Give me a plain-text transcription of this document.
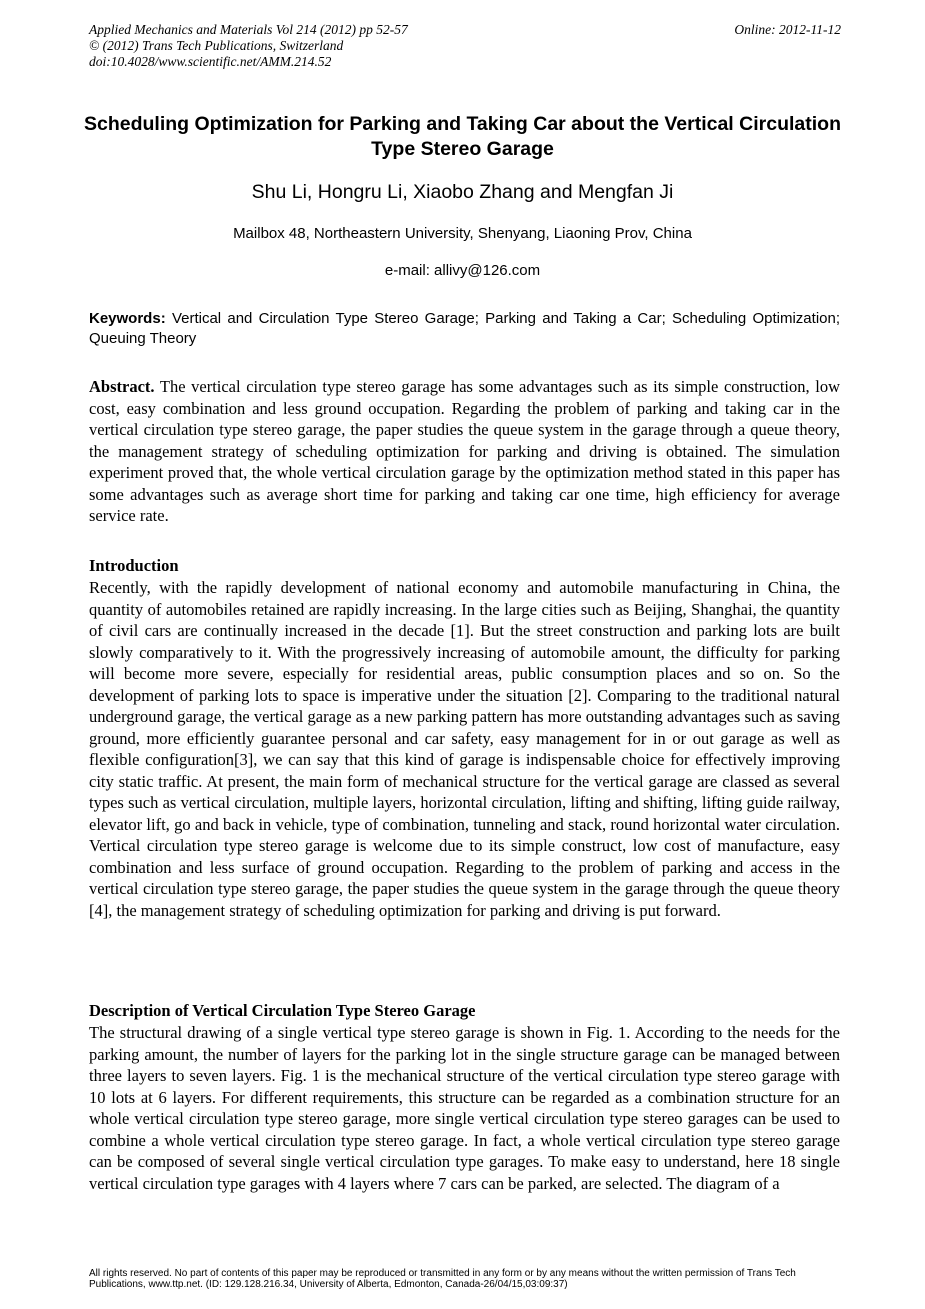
Applied Mechanics and Materials Vol 214 (2012) pp 52-57	Online: 2012-11-12
© (2012) Trans Tech Publications, Switzerland
doi:10.4028/www.scientific.net/AMM.214.52
Scheduling Optimization for Parking and Taking Car about the Vertical Circulation Type Stereo Garage
Shu Li, Hongru Li, Xiaobo Zhang and Mengfan Ji
Mailbox 48, Northeastern University, Shenyang, Liaoning Prov, China
e-mail: allivy@126.com
Keywords: Vertical and Circulation Type Stereo Garage; Parking and Taking a Car; Scheduling Optimization; Queuing Theory
Abstract. The vertical circulation type stereo garage has some advantages such as its simple construction, low cost, easy combination and less ground occupation. Regarding the problem of parking and taking car in the vertical circulation type stereo garage, the paper studies the queue system in the garage through a queue theory, the management strategy of scheduling optimization for parking and driving is obtained. The simulation experiment proved that, the whole vertical circulation garage by the optimization method stated in this paper has some advantages such as average short time for parking and taking car one time, high efficiency for average service rate.
Introduction
Recently, with the rapidly development of national economy and automobile manufacturing in China, the quantity of automobiles retained are rapidly increasing. In the large cities such as Beijing, Shanghai, the quantity of civil cars are continually increased in the decade [1]. But the street construction and parking lots are built slowly comparatively to it. With the progressively increasing of automobile amount, the difficulty for parking will become more severe, especially for residential areas, public consumption places and so on. So the development of parking lots to space is imperative under the situation [2]. Comparing to the traditional natural underground garage, the vertical garage as a new parking pattern has more outstanding advantages such as saving ground, more efficiently guarantee personal and car safety, easy management for in or out garage as well as flexible configuration[3], we can say that this kind of garage is indispensable choice for effectively improving city static traffic. At present, the main form of mechanical structure for the vertical garage are classed as several types such as vertical circulation, multiple layers, horizontal circulation, lifting and shifting, lifting guide railway, elevator lift, go and back in vehicle, type of combination, tunneling and stack, round horizontal water circulation. Vertical circulation type stereo garage is welcome due to its simple construct, low cost of manufacture, easy combination and less surface of ground occupation. Regarding to the problem of parking and access in the vertical circulation type stereo garage, the paper studies the queue system in the garage through the queue theory [4], the management strategy of scheduling optimization for parking and driving is put forward.
Description of Vertical Circulation Type Stereo Garage
The structural drawing of a single vertical type stereo garage is shown in Fig. 1. According to the needs for the parking amount, the number of layers for the parking lot in the single structure garage can be managed between three layers to seven layers. Fig. 1 is the mechanical structure of the vertical circulation type stereo garage with 10 lots at 6 layers. For different requirements, this structure can be regarded as a combination structure for an whole vertical circulation type stereo garage, more single vertical circulation type stereo garages can be used to combine a whole vertical circulation type stereo garage. In fact, a whole vertical circulation type stereo garage can be composed of several single vertical circulation type garages. To make easy to understand, here 18 single vertical circulation type garages with 4 layers where 7 cars can be parked, are selected. The diagram of a
All rights reserved. No part of contents of this paper may be reproduced or transmitted in any form or by any means without the written permission of Trans Tech Publications, www.ttp.net. (ID: 129.128.216.34, University of Alberta, Edmonton, Canada-26/04/15,03:09:37)
